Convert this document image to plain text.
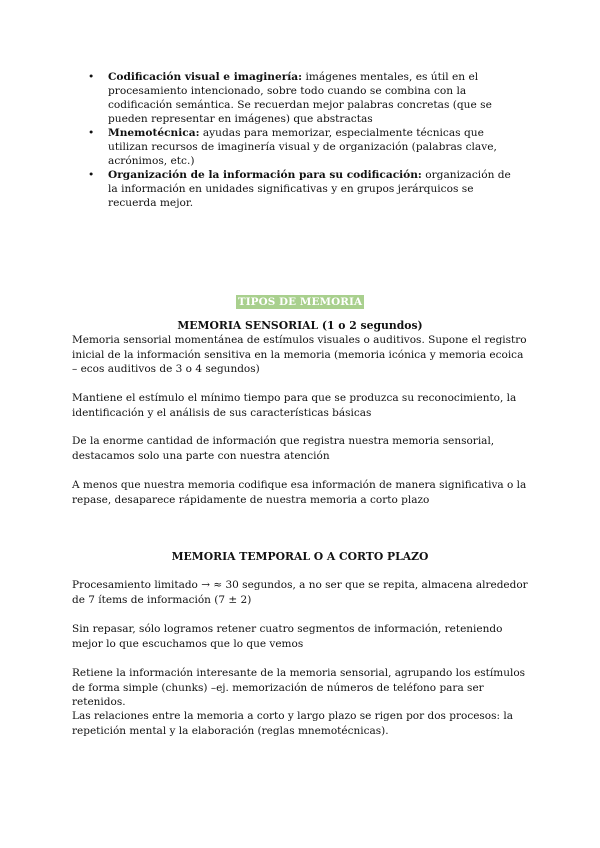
• Codificación visual e imaginería: imágenes mentales, es útil en el procesamiento intencionado, sobre todo cuando se combina con la codificación semántica. Se recuerdan mejor palabras concretas (que se pueden representar en imágenes) que abstractas
• Mnemotécnica: ayudas para memorizar, especialmente técnicas que utilizan recursos de imaginería visual y de organización (palabras clave, acrónimos, etc.)
• Organización de la información para su codificación: organización de la información en unidades significativas y en grupos jerárquicos se recuerda mejor.
TIPOS DE MEMORIA
MEMORIA SENSORIAL (1 o 2 segundos)

Memoria sensorial momentánea de estímulos visuales o auditivos. Supone el registro inicial de la información sensitiva en la memoria (memoria icónica y memoria ecoica – ecos auditivos de 3 o 4 segundos)

Mantiene el estímulo el mínimo tiempo para que se produzca su reconocimiento, la identificación y el análisis de sus características básicas

De la enorme cantidad de información que registra nuestra memoria sensorial, destacamos solo una parte con nuestra atención

A menos que nuestra memoria codifique esa información de manera significativa o la repase, desaparece rápidamente de nuestra memoria a corto plazo

MEMORIA TEMPORAL O A CORTO PLAZO

Procesamiento limitado → ≈ 30 segundos, a no ser que se repita, almacena alrededor de 7 ítems de información (7 ± 2)

Sin repasar, sólo logramos retener cuatro segmentos de información, reteniendo mejor lo que escuchamos que lo que vemos

Retiene la información interesante de la memoria sensorial, agrupando los estímulos de forma simple (chunks) –ej. memorización de números de teléfono para ser retenidos.

Las relaciones entre la memoria a corto y largo plazo se rigen por dos procesos: la repetición mental y la elaboración (reglas mnemotécnicas).
